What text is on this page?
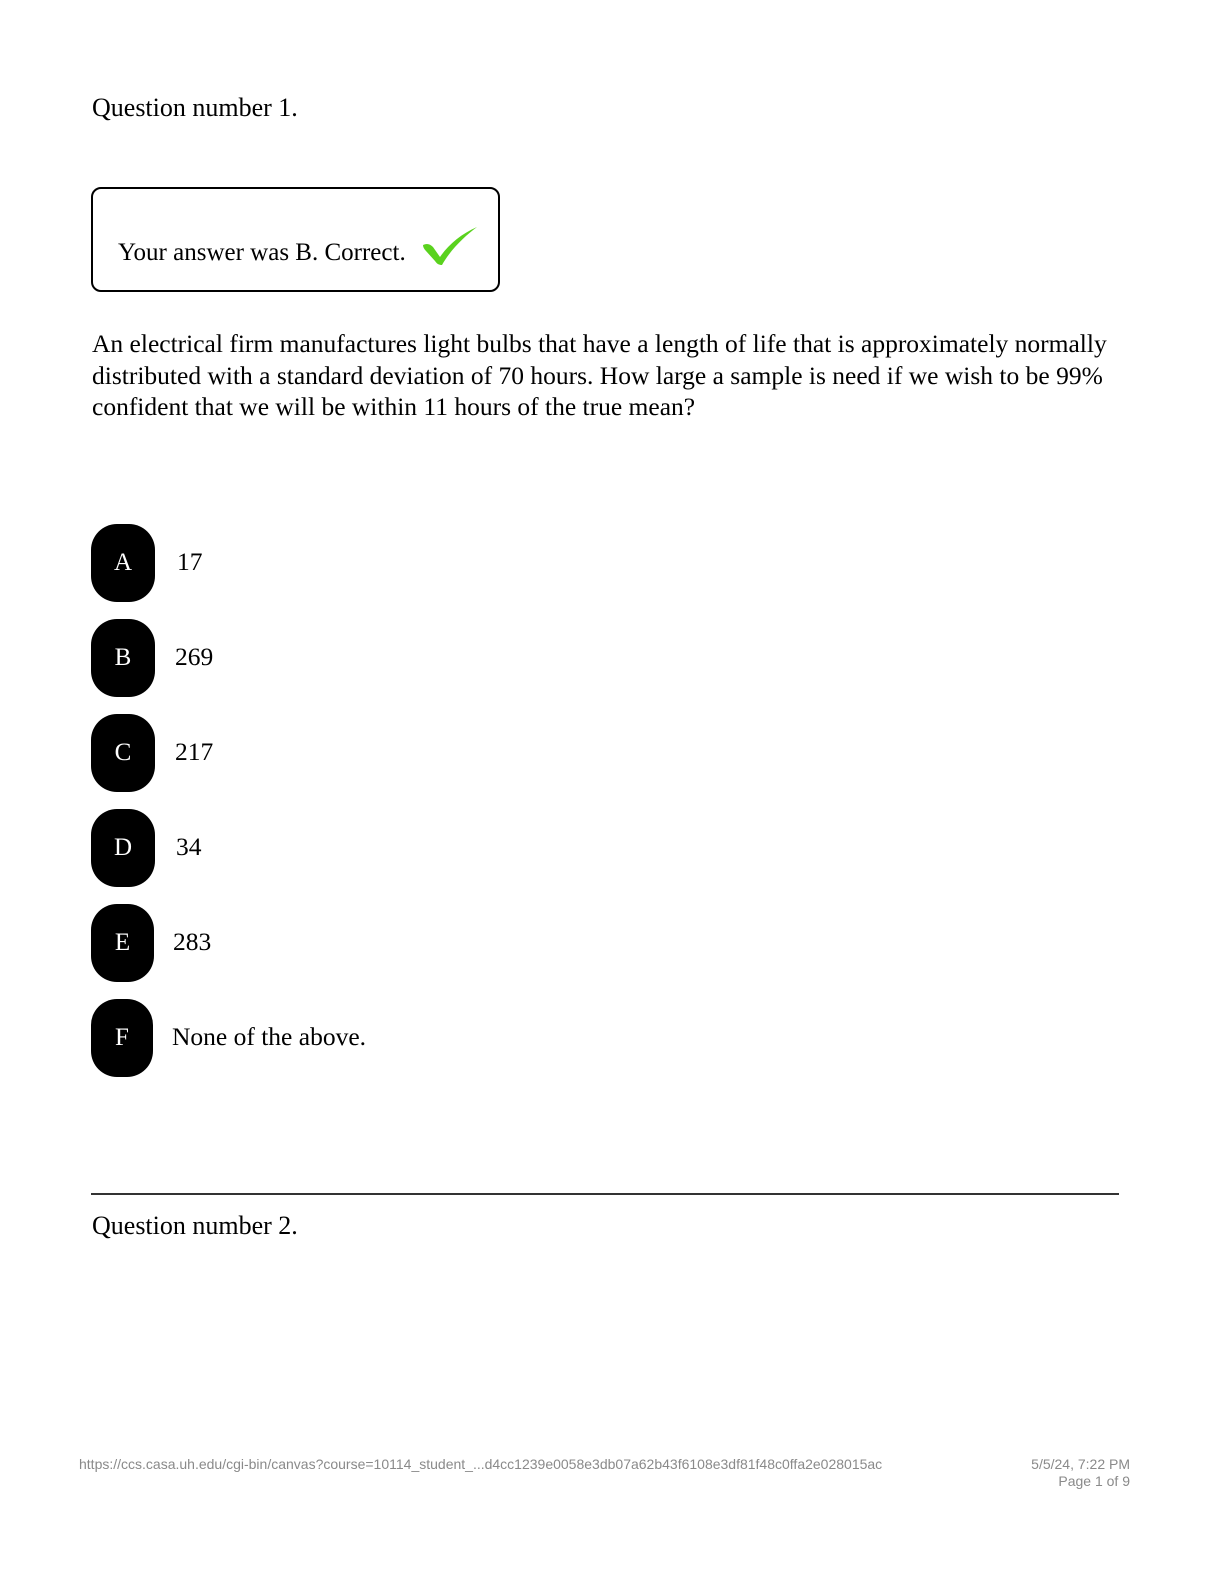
Question number 1.
Your answer was B. Correct.
An electrical firm manufactures light bulbs that have a length of life that is approximately normally distributed with a standard deviation of 70 hours. How large a sample is need if we wish to be 99% confident that we will be within 11 hours of the true mean?
A	17
B	269
C	217
D	34
E	283
F	None of the above.
Question number 2.
https://ccs.casa.uh.edu/cgi-bin/canvas?course=10114_student_...d4cc1239e0058e3db07a62b43f6108e3df81f48c0ffa2e028015ac	5/5/24, 7:22 PM
Page 1 of 9
